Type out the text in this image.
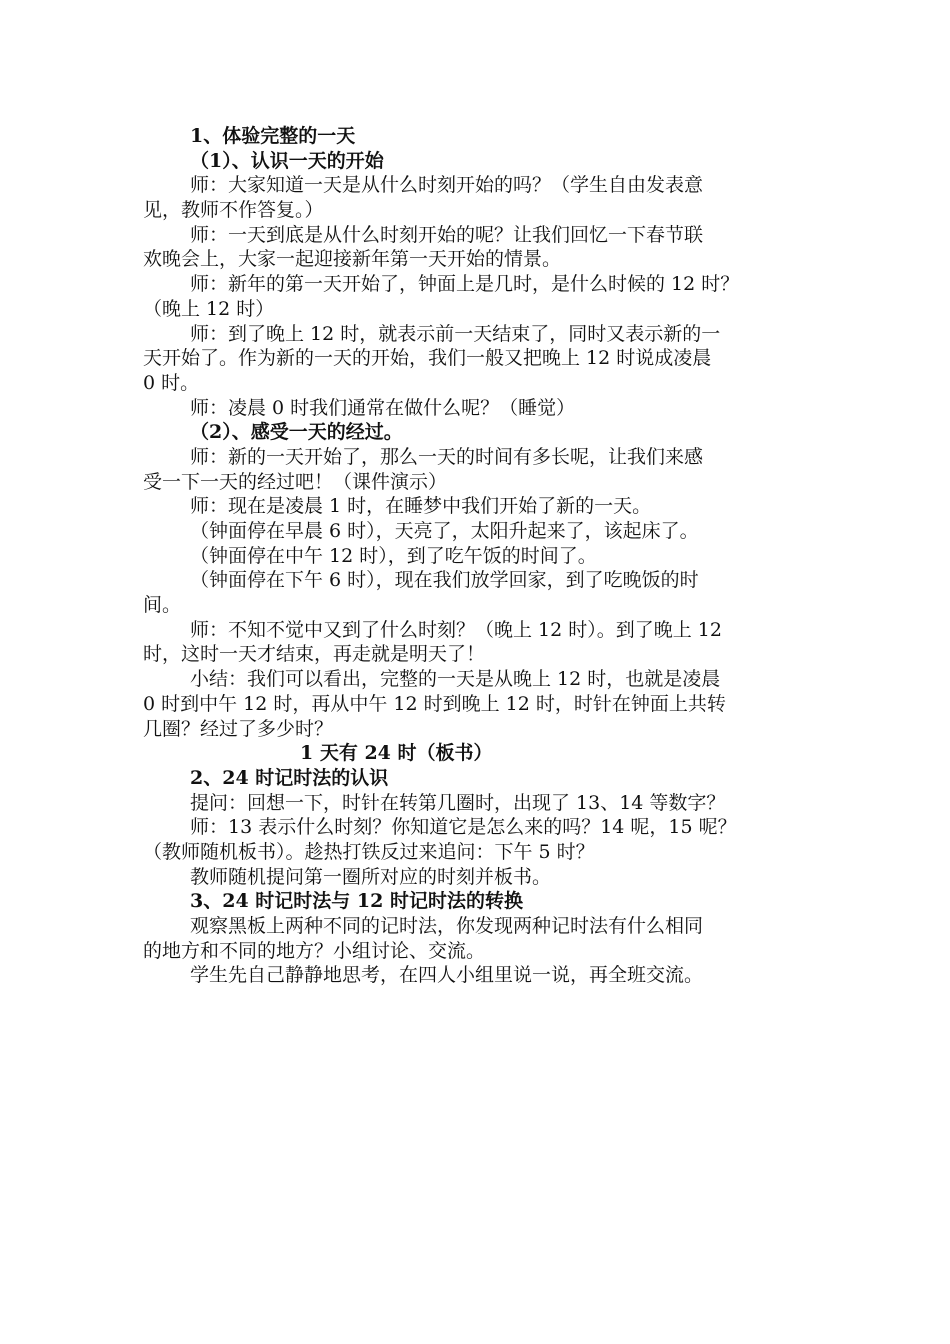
1、体验完整的一天
（1）、认识一天的开始
师：大家知道一天是从什么时刻开始的吗？（学生自由发表意
见，教师不作答复。）
师：一天到底是从什么时刻开始的呢？让我们回忆一下春节联
欢晚会上，大家一起迎接新年第一天开始的情景。
师：新年的第一天开始了，钟面上是几时，是什么时候的 12 时？
（晚上 12 时）
师：到了晚上 12 时，就表示前一天结束了，同时又表示新的一
天开始了。作为新的一天的开始，我们一般又把晚上 12 时说成凌晨
0 时。
师：凌晨 0 时我们通常在做什么呢？（睡觉）
（2）、感受一天的经过。
师：新的一天开始了，那么一天的时间有多长呢，让我们来感
受一下一天的经过吧！（课件演示）
师：现在是凌晨 1 时，在睡梦中我们开始了新的一天。
（钟面停在早晨 6 时），天亮了，太阳升起来了，该起床了。
（钟面停在中午 12 时），到了吃午饭的时间了。
（钟面停在下午 6 时），现在我们放学回家，到了吃晚饭的时
间。
师：不知不觉中又到了什么时刻？（晚上 12 时）。到了晚上 12
时，这时一天才结束，再走就是明天了！
小结：我们可以看出，完整的一天是从晚上 12 时，也就是凌晨
0 时到中午 12 时，再从中午 12 时到晚上 12 时，时针在钟面上共转
几圈？经过了多少时？
1 天有 24 时（板书）
2、24 时记时法的认识
提问：回想一下，时针在转第几圈时，出现了 13、14 等数字？
师：13 表示什么时刻？你知道它是怎么来的吗？14 呢，15 呢？
（教师随机板书）。趁热打铁反过来追问：下午 5 时？
教师随机提问第一圈所对应的时刻并板书。
3、24 时记时法与 12 时记时法的转换
观察黑板上两种不同的记时法，你发现两种记时法有什么相同
的地方和不同的地方？小组讨论、交流。
学生先自己静静地思考，在四人小组里说一说，再全班交流。
